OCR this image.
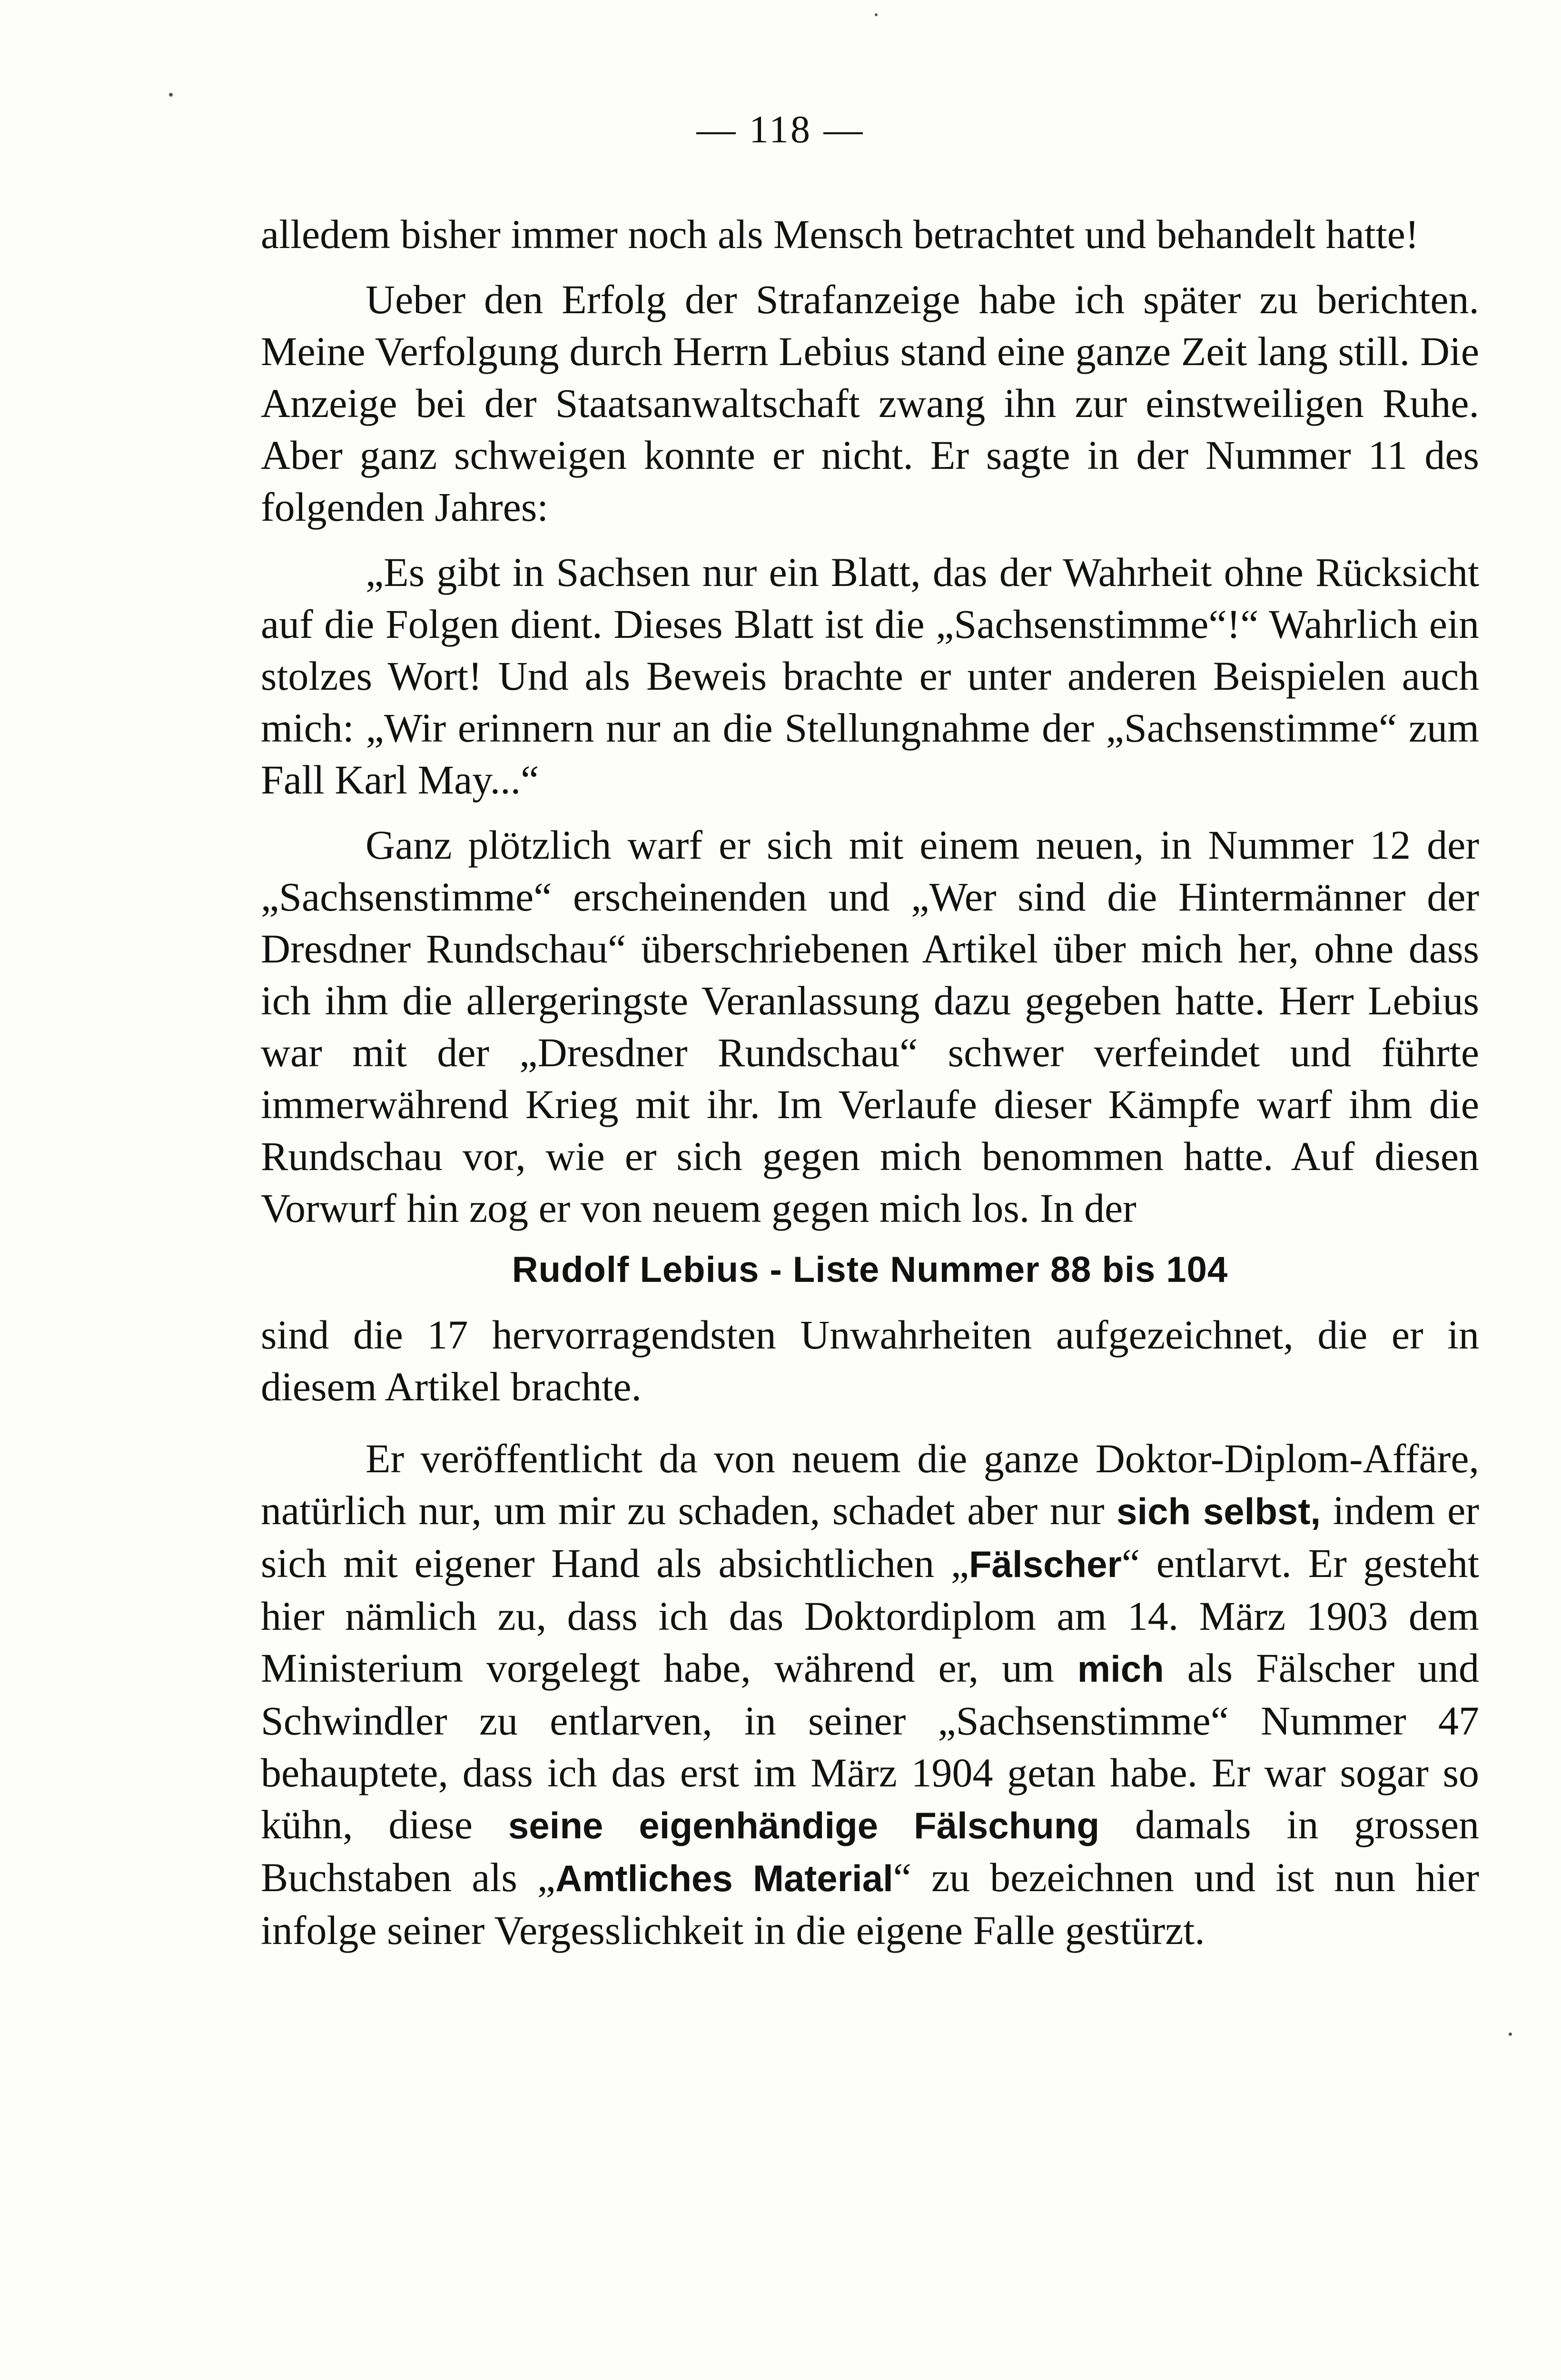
— 118 —

alledem bisher immer noch als Mensch betrachtet und behandelt hatte!

Ueber den Erfolg der Strafanzeige habe ich später zu berichten. Meine Verfolgung durch Herrn Lebius stand eine ganze Zeit lang still. Die Anzeige bei der Staatsanwaltschaft zwang ihn zur einstweiligen Ruhe. Aber ganz schweigen konnte er nicht. Er sagte in der Nummer 11 des folgenden Jahres:

„Es gibt in Sachsen nur ein Blatt, das der Wahrheit ohne Rücksicht auf die Folgen dient. Dieses Blatt ist die „Sachsenstimme“!“ Wahrlich ein stolzes Wort! Und als Beweis brachte er unter anderen Beispielen auch mich: „Wir erinnern nur an die Stellungnahme der „Sachsenstimme“ zum Fall Karl May...“

Ganz plötzlich warf er sich mit einem neuen, in Nummer 12 der „Sachsenstimme“ erscheinenden und „Wer sind die Hintermänner der Dresdner Rundschau“ überschriebenen Artikel über mich her, ohne dass ich ihm die allergeringste Veranlassung dazu gegeben hatte. Herr Lebius war mit der „Dresdner Rundschau“ schwer verfeindet und führte immerwährend Krieg mit ihr. Im Verlaufe dieser Kämpfe warf ihm die Rundschau vor, wie er sich gegen mich benommen hatte. Auf diesen Vorwurf hin zog er von neuem gegen mich los. In der

Rudolf Lebius - Liste Nummer 88 bis 104

sind die 17 hervorragendsten Unwahrheiten aufgezeichnet, die er in diesem Artikel brachte.

Er veröffentlicht da von neuem die ganze Doktor-Diplom-Affäre, natürlich nur, um mir zu schaden, schadet aber nur sich selbst, indem er sich mit eigener Hand als absichtlichen „Fälscher“ entlarvt. Er gesteht hier nämlich zu, dass ich das Doktordiplom am 14. März 1903 dem Ministerium vorgelegt habe, während er, um mich als Fälscher und Schwindler zu entlarven, in seiner „Sachsenstimme“ Nummer 47 behauptete, dass ich das erst im März 1904 getan habe. Er war sogar so kühn, diese seine eigenhändige Fälschung damals in grossen Buchstaben als „Amtliches Material“ zu bezeichnen und ist nun hier infolge seiner Vergesslichkeit in die eigene Falle gestürzt.
